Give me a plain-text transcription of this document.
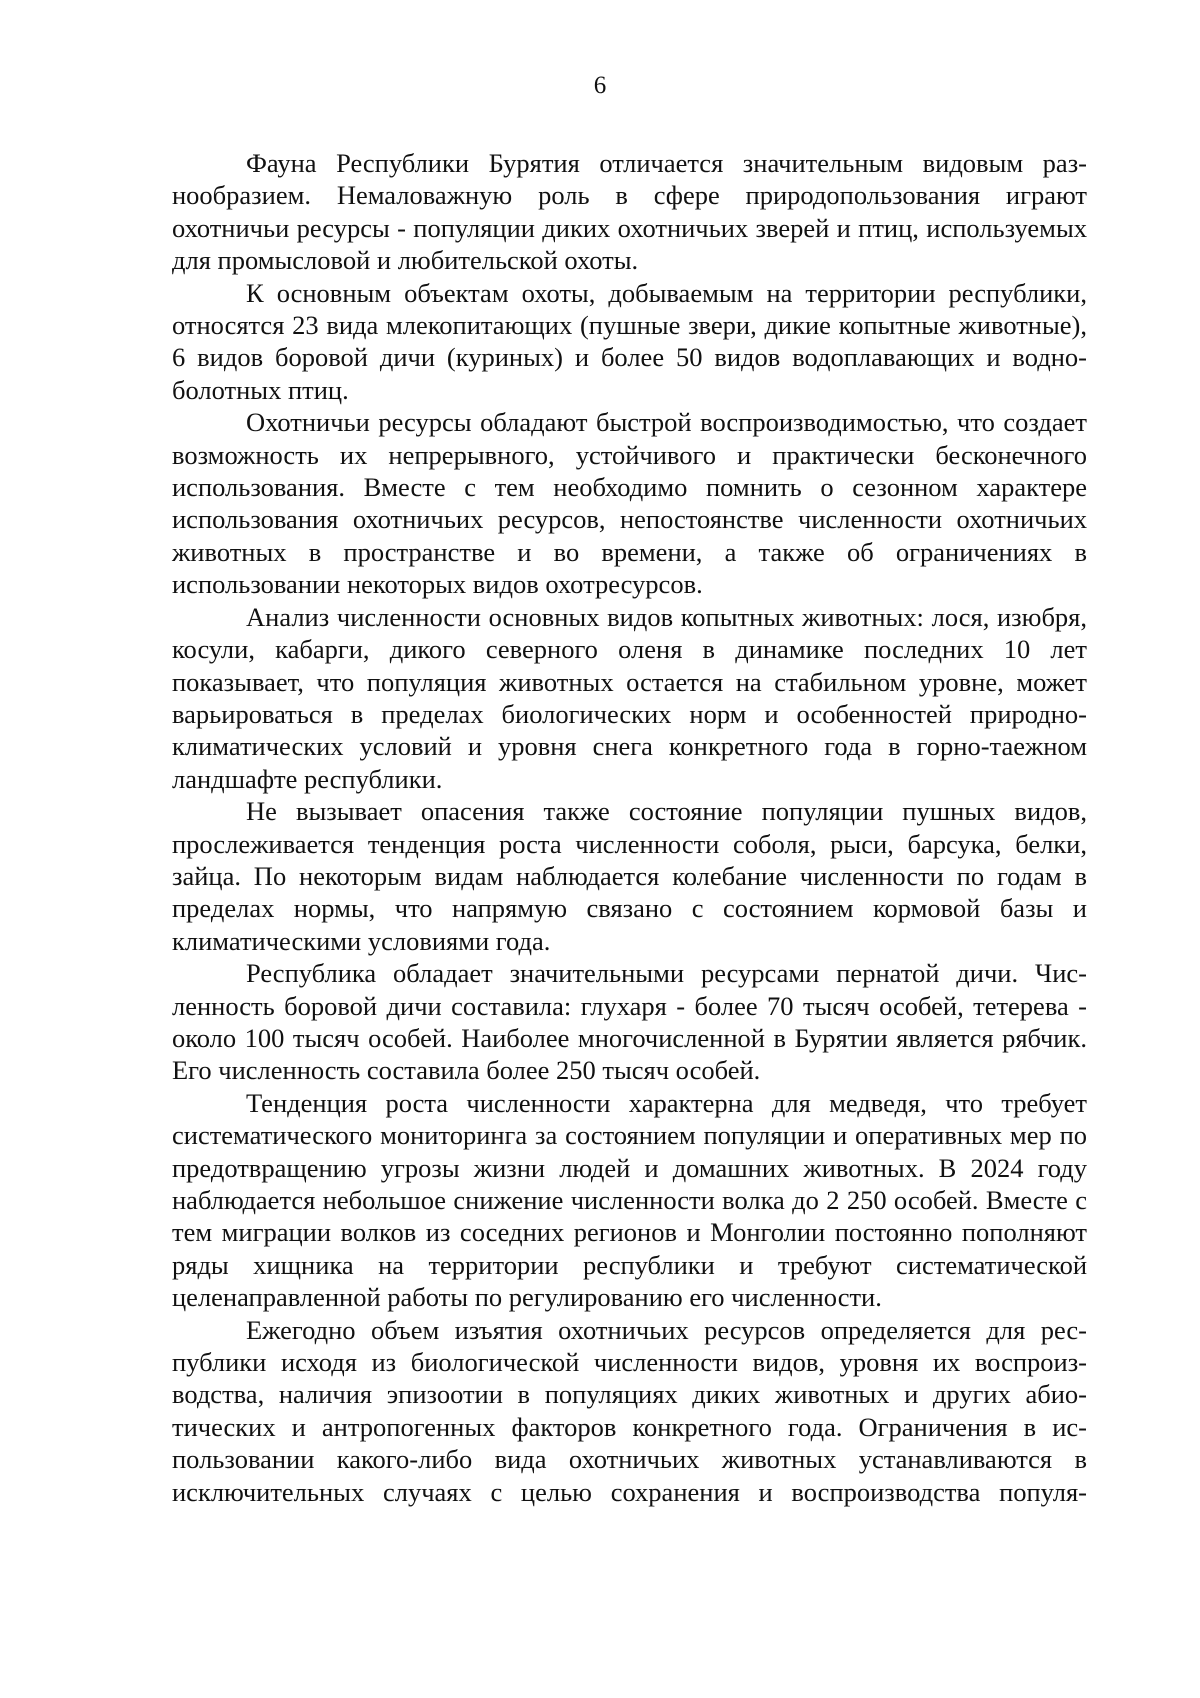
6

Фауна Республики Бурятия отличается значительным видовым разнообразием. Немаловажную роль в сфере природопользования играют охотничьи ресурсы - популяции диких охотничьих зверей и птиц, используемых для промысловой и любительской охоты.

К основным объектам охоты, добываемым на территории республики, относятся 23 вида млекопитающих (пушные звери, дикие копытные животные), 6 видов боровой дичи (куриных) и более 50 видов водоплавающих и водно-болотных птиц.

Охотничьи ресурсы обладают быстрой воспроизводимостью, что создает возможность их непрерывного, устойчивого и практически бесконечного использования. Вместе с тем необходимо помнить о сезонном характере использования охотничьих ресурсов, непостоянстве численности охотничьих животных в пространстве и во времени, а также об ограничениях в использовании некоторых видов охотресурсов.

Анализ численности основных видов копытных животных: лося, изюбря, косули, кабарги, дикого северного оленя в динамике последних 10 лет показывает, что популяция животных остается на стабильном уровне, может варьироваться в пределах биологических норм и особенностей природно-климатических условий и уровня снега конкретного года в горно-таежном ландшафте республики.

Не вызывает опасения также состояние популяции пушных видов, прослеживается тенденция роста численности соболя, рыси, барсука, белки, зайца. По некоторым видам наблюдается колебание численности по годам в пределах нормы, что напрямую связано с состоянием кормовой базы и климатическими условиями года.

Республика обладает значительными ресурсами пернатой дичи. Численность боровой дичи составила: глухаря - более 70 тысяч особей, тетерева - около 100 тысяч особей. Наиболее многочисленной в Бурятии является рябчик. Его численность составила более 250 тысяч особей.

Тенденция роста численности характерна для медведя, что требует систематического мониторинга за состоянием популяции и оперативных мер по предотвращению угрозы жизни людей и домашних животных. В 2024 году наблюдается небольшое снижение численности волка до 2 250 особей. Вместе с тем миграции волков из соседних регионов и Монголии постоянно пополняют ряды хищника на территории республики и требуют систематической целенаправленной работы по регулированию его численности.

Ежегодно объем изъятия охотничьих ресурсов определяется для республики исходя из биологической численности видов, уровня их воспроизводства, наличия эпизоотии в популяциях диких животных и других абиотических и антропогенных факторов конкретного года. Ограничения в использовании какого-либо вида охотничьих животных устанавливаются в исключительных случаях с целью сохранения и воспроизводства популя-
